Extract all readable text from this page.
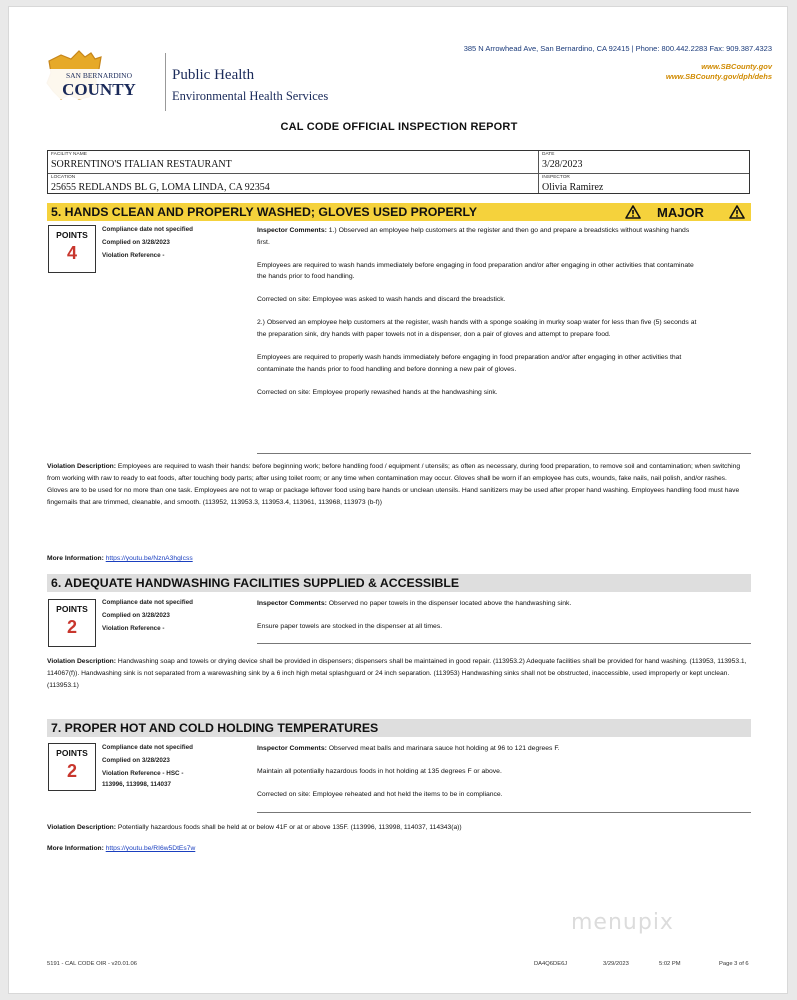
SAN BERNARDINO
COUNTY
Public Health
Environmental Health Services
385 N Arrowhead Ave, San Bernardino, CA 92415 | Phone: 800.442.2283 Fax: 909.387.4323
www.SBCounty.gov
www.SBCounty.gov/dph/dehs
CAL CODE OFFICIAL INSPECTION REPORT
FACILITY NAME
SORRENTINO'S ITALIAN RESTAURANT
DATE
3/28/2023
LOCATION
25655 REDLANDS BL G, LOMA LINDA, CA 92354
INSPECTOR
Olivia Ramirez
5. HANDS CLEAN AND PROPERLY WASHED; GLOVES USED PROPERLY	MAJOR
POINTS
4
Compliance date not specified
Complied on 3/28/2023
Violation Reference -

Inspector Comments: 1.) Observed an employee help customers at the register and then go and prepare a breadsticks without washing hands first.

Employees are required to wash hands immediately before engaging in food preparation and/or after engaging in other activities that contaminate the hands prior to food handling.

Corrected on site: Employee was asked to wash hands and discard the breadstick.

2.) Observed an employee help customers at the register, wash hands with a sponge soaking in murky soap water for less than five (5) seconds at the preparation sink, dry hands with paper towels not in a dispenser, don a pair of gloves and attempt to prepare food.

Employees are required to properly wash hands immediately before engaging in food preparation and/or after engaging in other activities that contaminate the hands prior to food handling and before donning a new pair of gloves.

Corrected on site: Employee properly rewashed hands at the handwashing sink.

Violation Description: Employees are required to wash their hands: before beginning work; before handling food / equipment / utensils; as often as necessary, during food preparation, to remove soil and contamination; when switching from working with raw to ready to eat foods, after touching body parts; after using toilet room; or any time when contamination may occur. Gloves shall be worn if an employee has cuts, wounds, fake nails, nail polish, and/or rashes. Gloves are to be used for no more than one task. Employees are not to wrap or package leftover food using bare hands or unclean utensils. Hand sanitizers may be used after proper hand washing. Employees handling food must have fingernails that are trimmed, cleanable, and smooth. (113952, 113953.3, 113953.4, 113961, 113968, 113973 (b-f))
More Information: https://youtu.be/NznA3hgIcss
6. ADEQUATE HANDWASHING FACILITIES SUPPLIED & ACCESSIBLE
POINTS
2
Compliance date not specified
Complied on 3/28/2023
Violation Reference -

Inspector Comments: Observed no paper towels in the dispenser located above the handwashing sink.

Ensure paper towels are stocked in the dispenser at all times.

Violation Description: Handwashing soap and towels or drying device shall be provided in dispensers; dispensers shall be maintained in good repair. (113953.2) Adequate facilities shall be provided for hand washing. (113953, 113953.1, 114067(f)). Handwashing sink is not separated from a warewashing sink by a 6 inch high metal splashguard or 24 inch separation. (113953) Handwashing sinks shall not be obstructed, inaccessible, used improperly or kept unclean. (113953.1)
7. PROPER HOT AND COLD HOLDING TEMPERATURES
POINTS
2
Compliance date not specified
Complied on 3/28/2023
Violation Reference - HSC -
113996, 113998, 114037

Inspector Comments: Observed meat balls and marinara sauce hot holding at 96 to 121 degrees F.

Maintain all potentially hazardous foods in hot holding at 135 degrees F or above.

Corrected on site: Employee reheated and hot held the items to be in compliance.

Violation Description: Potentially hazardous foods shall be held at or below 41F or at or above 135F. (113996, 113998, 114037, 114343(a))
More Information: https://youtu.be/RI6w5DtEs7w
menupix
5191 - CAL CODE OIR - v20.01.06	DA4Q6DE6J	3/29/2023	5:02 PM	Page 3 of 6
